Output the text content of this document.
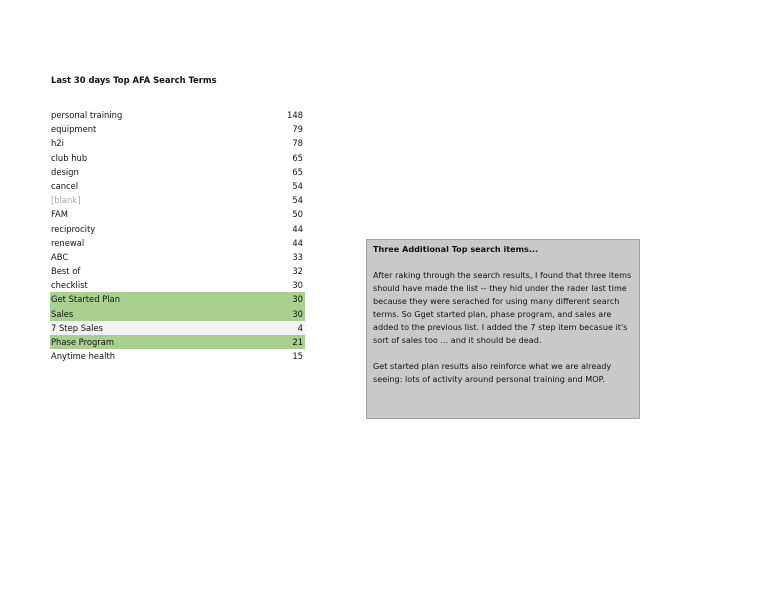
Last 30 days Top AFA Search Terms
personal training	148
equipment	79
h2i	78
club hub	65
design	65
cancel	54
[blank]	54
FAM	50
reciprocity	44
renewal	44
ABC	33
Best of	32
checklist	30
Get Started Plan	30
Sales	30
7 Step Sales	4
Phase Program	21
Anytime health	15
Three Additional Top search items...

After raking through the search results, I found that three items should have made the list -- they hid under the rader last time because they were serached for using many different search terms. So Gget started plan, phase program, and sales are added to the previous list. I added the 7 step item becasue it's sort of sales too ... and it should be dead.

Get started plan results also reinforce what we are already seeing: lots of activity around personal training and MOP.
